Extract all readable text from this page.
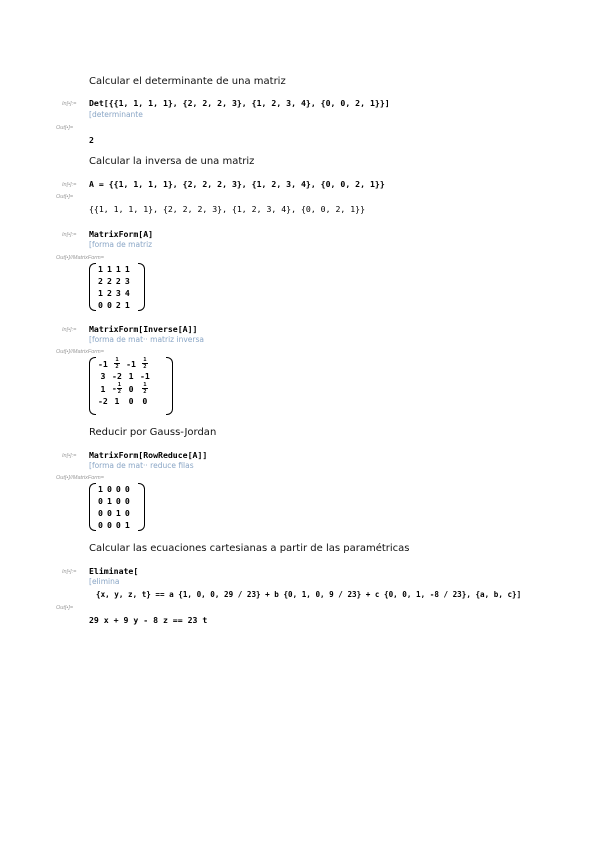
Calcular el determinante de una matriz
In[•]:= Det[{{1, 1, 1, 1}, {2, 2, 2, 3}, {1, 2, 3, 4}, {0, 0, 2, 1}}]
[determinante
Out[•]=
2
Calcular la inversa de una matriz
In[•]:= A = {{1, 1, 1, 1}, {2, 2, 2, 3}, {1, 2, 3, 4}, {0, 0, 2, 1}}
Out[•]=
{{1, 1, 1, 1}, {2, 2, 2, 3}, {1, 2, 3, 4}, {0, 0, 2, 1}}
In[•]:= MatrixForm[A]
[forma de matriz
Out[•]//MatrixForm=
1	1	1	1
2	2	2	3
1	2	3	4
0	0	2	1
In[•]:= MatrixForm[Inverse[A]]
[forma de mat·· matriz inversa
Out[•]//MatrixForm=
-1	$\frac{1}{2}$	-1	$\frac{1}{2}$

3	-2	1	-1
1	- $\frac{1}{2}$	0	$\frac{1}{2}$

-2	1	0	0
Reducir por Gauss-Jordan
In[•]:= MatrixForm[RowReduce[A]]
[forma de mat·· reduce filas
Out[•]//MatrixForm=
1	0	0	0
0	1	0	0
0	0	1	0
0	0	0	1
Calcular las ecuaciones cartesianas a partir de las paramétricas
In[•]:= Eliminate[
[elimina
{x, y, z, t} == a {1, 0, 0, 29 / 23} + b {0, 1, 0, 9 / 23} + c {0, 0, 1, -8 / 23}, {a, b, c}]
Out[•]=
29 x + 9 y - 8 z == 23 t
